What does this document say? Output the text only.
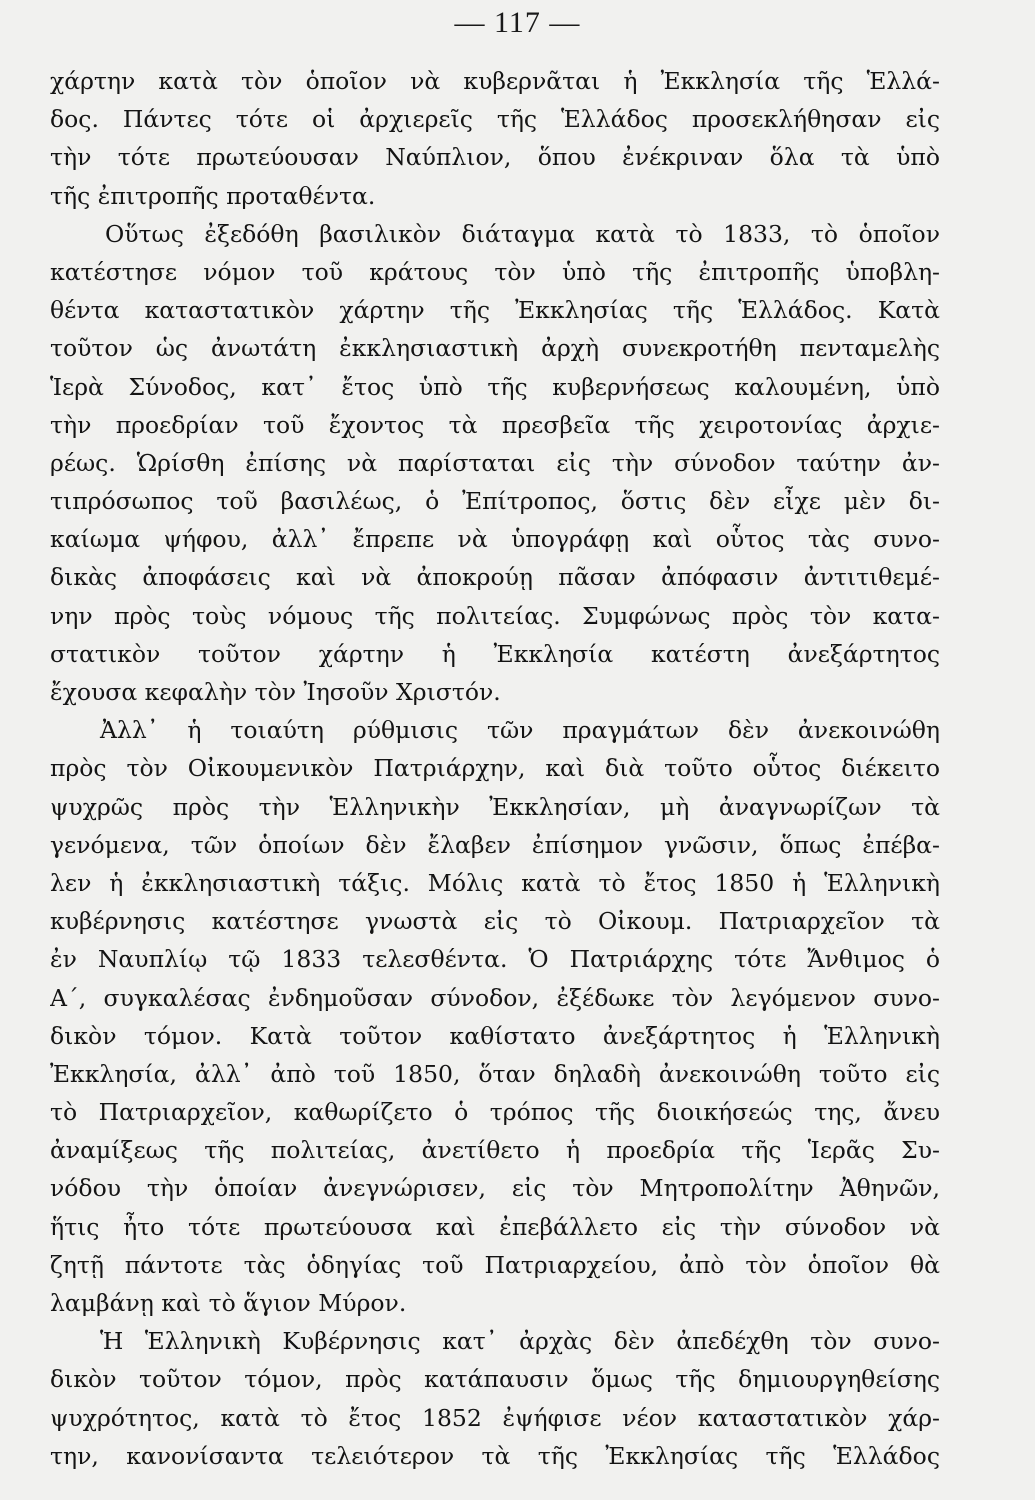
— 117 —
χάρτην κατὰ τὸν ὁποῖον νὰ κυβερνᾶται ἡ Ἐκκλησία τῆς Ἑλλά-
δος. Πάντες τότε οἱ ἀρχιερεῖς τῆς Ἑλλάδος προσεκλήθησαν εἰς
τὴν τότε πρωτεύουσαν Ναύπλιον, ὅπου ἐνέκριναν ὅλα τὰ ὑπὸ
τῆς ἐπιτροπῆς προταθέντα.
Οὕτως ἐξεδόθη βασιλικὸν διάταγμα κατὰ τὸ 1833, τὸ ὁποῖον
κατέστησε νόμον τοῦ κράτους τὸν ὑπὸ τῆς ἐπιτροπῆς ὑποβλη-
θέντα καταστατικὸν χάρτην τῆς Ἐκκλησίας τῆς Ἑλλάδος. Κατὰ
τοῦτον ὡς ἀνωτάτη ἐκκλησιαστικὴ ἀρχὴ συνεκροτήθη πενταμελὴς
Ἱερὰ Σύνοδος, κατ᾽ ἔτος ὑπὸ τῆς κυβερνήσεως καλουμένη, ὑπὸ
τὴν προεδρίαν τοῦ ἔχοντος τὰ πρεσβεῖα τῆς χειροτονίας ἀρχιε-
ρέως. Ὡρίσθη ἐπίσης νὰ παρίσταται εἰς τὴν σύνοδον ταύτην ἀν-
τιπρόσωπος τοῦ βασιλέως, ὁ Ἐπίτροπος, ὅστις δὲν εἶχε μὲν δι-
καίωμα ψήφου, ἀλλ᾽ ἔπρεπε νὰ ὑπογράφῃ καὶ οὗτος τὰς συνο-
δικὰς ἀποφάσεις καὶ νὰ ἀποκρούῃ πᾶσαν ἀπόφασιν ἀντιτιθεμέ-
νην πρὸς τοὺς νόμους τῆς πολιτείας. Συμφώνως πρὸς τὸν κατα-
στατικὸν τοῦτον χάρτην ἡ Ἐκκλησία κατέστη ἀνεξάρτητος
ἔχουσα κεφαλὴν τὸν Ἰησοῦν Χριστόν.
Ἀλλ᾽ ἡ τοιαύτη ρύθμισις τῶν πραγμάτων δὲν ἀνεκοινώθη
πρὸς τὸν Οἰκουμενικὸν Πατριάρχην, καὶ διὰ τοῦτο οὗτος διέκειτο
ψυχρῶς πρὸς τὴν Ἑλληνικὴν Ἐκκλησίαν, μὴ ἀναγνωρίζων τὰ
γενόμενα, τῶν ὁποίων δὲν ἔλαβεν ἐπίσημον γνῶσιν, ὅπως ἐπέβα-
λεν ἡ ἐκκλησιαστικὴ τάξις. Μόλις κατὰ τὸ ἔτος 1850 ἡ Ἑλληνικὴ
κυβέρνησις κατέστησε γνωστὰ εἰς τὸ Οἰκουμ. Πατριαρχεῖον τὰ
ἐν Ναυπλίῳ τῷ 1833 τελεσθέντα. Ὁ Πατριάρχης τότε Ἄνθιμος ὁ
Α΄, συγκαλέσας ἐνδημοῦσαν σύνοδον, ἐξέδωκε τὸν λεγόμενον συνο-
δικὸν τόμον. Κατὰ τοῦτον καθίστατο ἀνεξάρτητος ἡ Ἑλληνικὴ
Ἐκκλησία, ἀλλ᾽ ἀπὸ τοῦ 1850, ὅταν δηλαδὴ ἀνεκοινώθη τοῦτο εἰς
τὸ Πατριαρχεῖον, καθωρίζετο ὁ τρόπος τῆς διοικήσεώς της, ἄνευ
ἀναμίξεως τῆς πολιτείας, ἀνετίθετο ἡ προεδρία τῆς Ἱερᾶς Συ-
νόδου τὴν ὁποίαν ἀνεγνώρισεν, εἰς τὸν Μητροπολίτην Ἀθηνῶν,
ἥτις ἦτο τότε πρωτεύουσα καὶ ἐπεβάλλετο εἰς τὴν σύνοδον νὰ
ζητῇ πάντοτε τὰς ὁδηγίας τοῦ Πατριαρχείου, ἀπὸ τὸν ὁποῖον θὰ
λαμβάνῃ καὶ τὸ ἅγιον Μύρον.
Ἡ Ἑλληνικὴ Κυβέρνησις κατ᾽ ἀρχὰς δὲν ἀπεδέχθη τὸν συνο-
δικὸν τοῦτον τόμον, πρὸς κατάπαυσιν ὅμως τῆς δημιουργηθείσης
ψυχρότητος, κατὰ τὸ ἔτος 1852 ἐψήφισε νέον καταστατικὸν χάρ-
την, κανονίσαντα τελειότερον τὰ τῆς Ἐκκλησίας τῆς Ἑλλάδος
